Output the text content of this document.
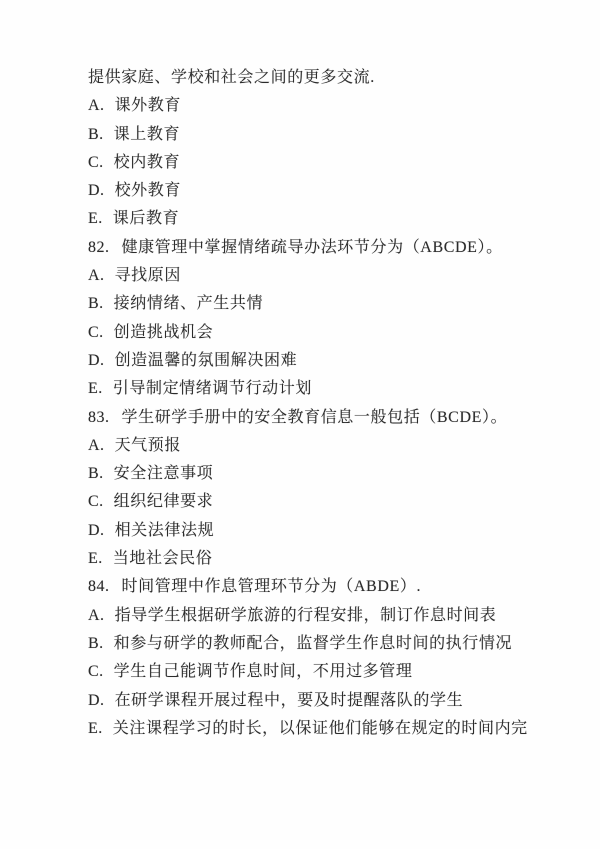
提供家庭、学校和社会之间的更多交流.
A. 课外教育
B. 课上教育
C. 校内教育
D. 校外教育
E. 课后教育
82. 健康管理中掌握情绪疏导办法环节分为（ABCDE）。
A. 寻找原因
B. 接纳情绪、产生共情
C. 创造挑战机会
D. 创造温馨的氛围解决困难
E. 引导制定情绪调节行动计划
83. 学生研学手册中的安全教育信息一般包括（BCDE）。
A. 天气预报
B. 安全注意事项
C. 组织纪律要求
D. 相关法律法规
E. 当地社会民俗
84. 时间管理中作息管理环节分为（ABDE）.
A. 指导学生根据研学旅游的行程安排，制订作息时间表
B. 和参与研学的教师配合，监督学生作息时间的执行情况
C. 学生自己能调节作息时间，不用过多管理
D. 在研学课程开展过程中，要及时提醒落队的学生
E. 关注课程学习的时长，以保证他们能够在规定的时间内完
